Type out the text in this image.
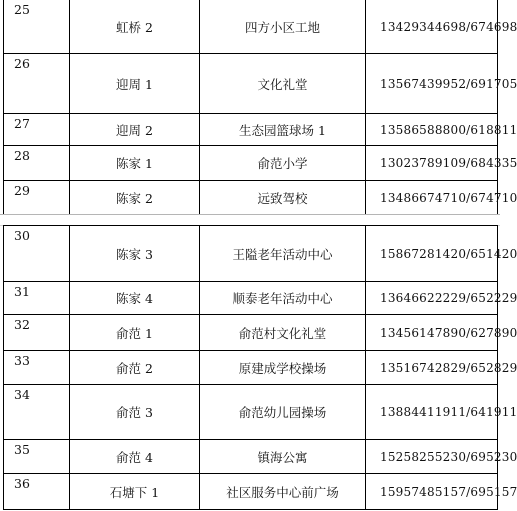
25	虹桥 2	四方小区工地	13429344698/674698
26	迎周 1	文化礼堂	13567439952/691705
27	迎周 2	生态园篮球场 1	13586588800/618811
28	陈家 1	俞范小学	13023789109/684335
29	陈家 2	远致驾校	13486674710/674710
30	陈家 3	王隘老年活动中心	15867281420/651420
31	陈家 4	顺泰老年活动中心	13646622229/652229
32	俞范 1	俞范村文化礼堂	13456147890/627890
33	俞范 2	原建成学校操场	13516742829/652829
34	俞范 3	俞范幼儿园操场	13884411911/641911
35	俞范 4	镇海公寓	15258255230/695230
36	石塘下 1	社区服务中心前广场	15957485157/695157
